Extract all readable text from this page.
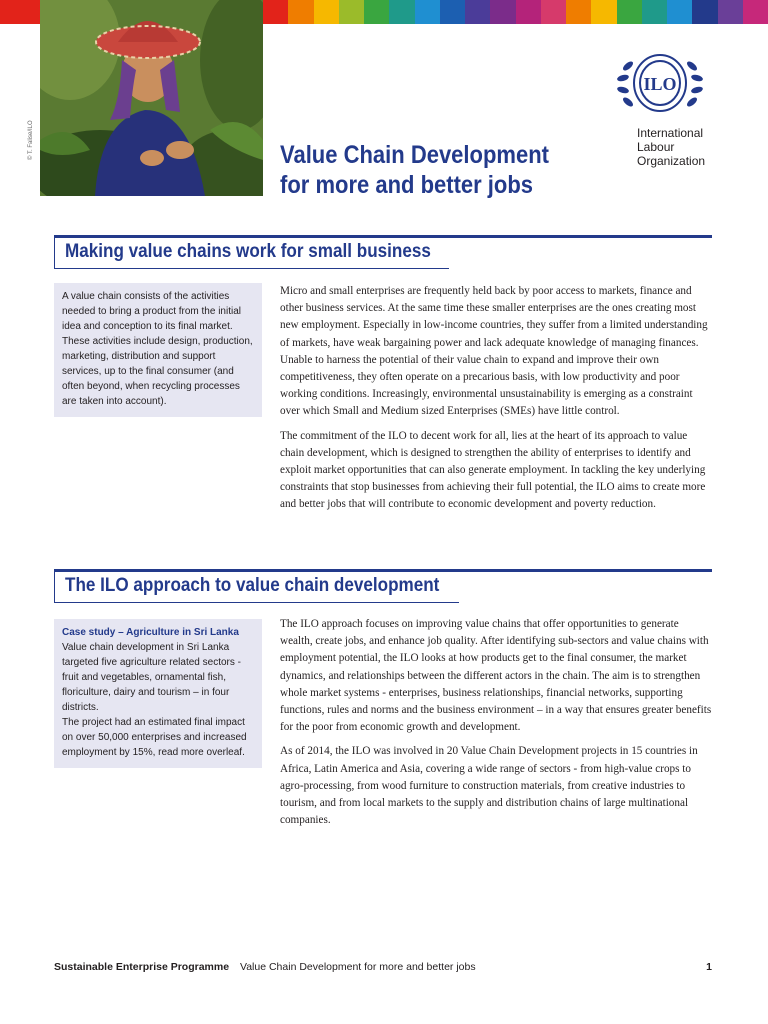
© T. Falise/ILO	Value Chain Development
for more and better jobs
ILO
International
Labour
Organization
Making value chains work for small business
A value chain consists of the activities needed to bring a product from the initial idea and conception to its final market. These activities include design, production, marketing, distribution and support services, up to the final consumer (and often beyond, when recycling processes are taken into account).

Micro and small enterprises are frequently held back by poor access to markets, finance and other business services. At the same time these smaller enterprises are the ones creating most new employment. Especially in low-income countries, they suffer from a limited understanding of markets, have weak bargaining power and lack adequate knowledge of managing finances. Unable to harness the potential of their value chain to expand and improve their own competitiveness, they often operate on a precarious basis, with low productivity and poor working conditions. Increasingly, environmental unsustainability is emerging as a constraint over which Small and Medium sized Enterprises (SMEs) have little control.

The commitment of the ILO to decent work for all, lies at the heart of its approach to value chain development, which is designed to strengthen the ability of enterprises to identify and exploit market opportunities that can also generate employment. In tackling the key underlying constraints that stop businesses from achieving their full potential, the ILO aims to create more and better jobs that will contribute to economic development and poverty reduction.

The ILO approach to value chain development
Case study – Agriculture in Sri Lanka
Value chain development in Sri Lanka targeted five agriculture related sectors - fruit and vegetables, ornamental fish, floriculture, dairy and tourism – in four districts.
The project had an estimated final impact on over 50,000 enterprises and increased employment by 15%, read more overleaf.

The ILO approach focuses on improving value chains that offer opportunities to generate wealth, create jobs, and enhance job quality. After identifying sub-sectors and value chains with employment potential, the ILO looks at how products get to the final consumer, the market dynamics, and relationships between the different actors in the chain. The aim is to strengthen whole market systems - enterprises, business relationships, financial networks, supporting functions, rules and norms and the business environment – in a way that ensures greater benefits for the poor from economic growth and development.

As of 2014, the ILO was involved in 20 Value Chain Development projects in 15 countries in Africa, Latin America and Asia, covering a wide range of sectors - from high-value crops to agro-processing, from wood furniture to construction materials, from creative industries to tourism, and from local markets to the supply and distribution chains of large multinational companies.

Sustainable Enterprise Programme Value Chain Development for more and better jobs	1
